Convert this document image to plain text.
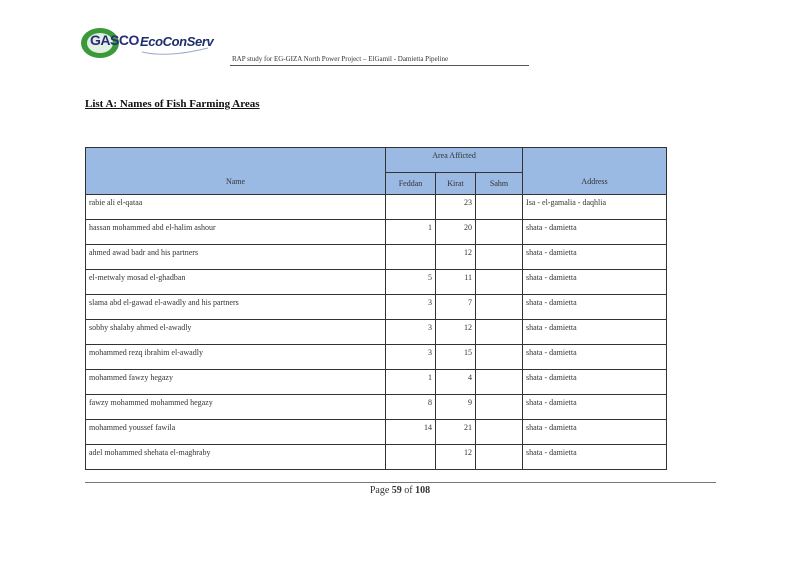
GASCO EcoConServ
RAP study for EG-GIZA North Power Project – ElGamil - Damietta Pipeline
List A: Names of Fish Farming Areas
Name	Area Afficted			Address
	Feddan	Kirat	Sahm	
rabie ali el-qataa		23		Isa - el-gamalia - daqhlia
hassan mohammed abd el-halim ashour	1	20		shata - damietta
ahmed awad badr and his partners		12		shata - damietta
el-metwaly mosad el-ghadban	5	11		shata - damietta
slama abd el-gawad el-awadly and his partners	3	7		shata - damietta
sobhy shalaby ahmed el-awadly	3	12		shata - damietta
mohammed rezq ibrahim el-awadly	3	15		shata - damietta
mohammed fawzy hegazy	1	4		shata - damietta
fawzy mohammed mohammed hegazy	8	9		shata - damietta
mohammed youssef fawila	14	21		shata - damietta
adel mohammed shehata el-maghraby		12		shata - damietta
Page 59 of 108
